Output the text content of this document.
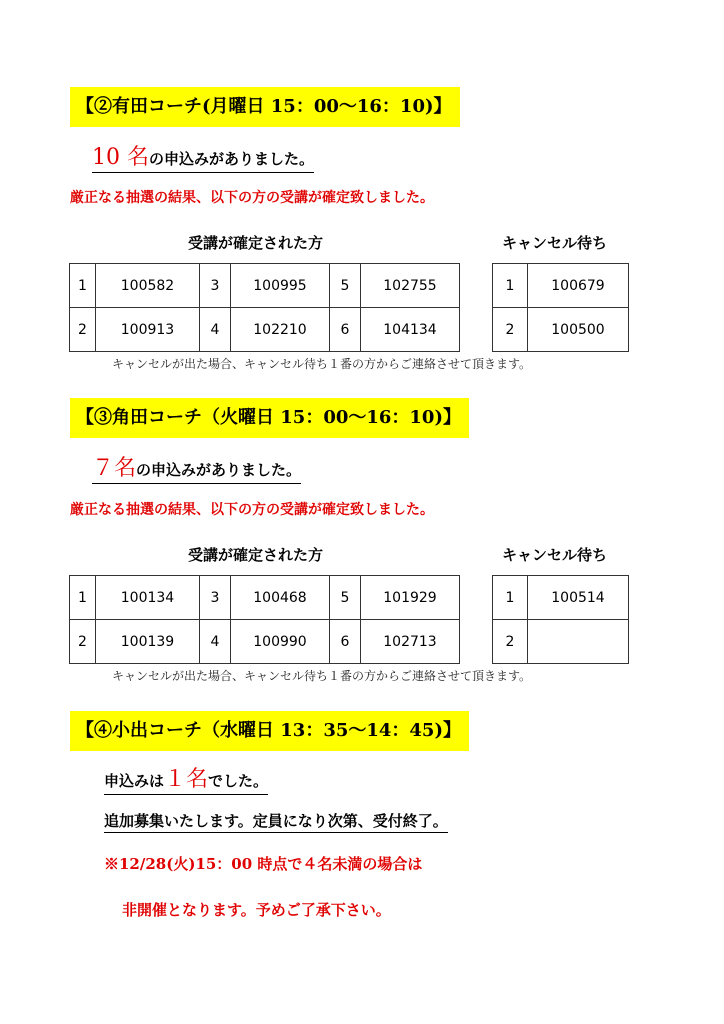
【②有田コーチ(月曜日 15：00〜16：10)】
10 名の申込みがありました。
厳正なる抽選の結果、以下の方の受講が確定致しました。
受講が確定された方	キャンセル待ち
1	100582	3	100995	5	102755
2	100913	4	102210	6	104134
1	100679
2	100500
キャンセルが出た場合、キャンセル待ち１番の方からご連絡させて頂きます。
【③角田コーチ（火曜日 15：00〜16：10)】
７名の申込みがありました。
厳正なる抽選の結果、以下の方の受講が確定致しました。
受講が確定された方	キャンセル待ち
1	100134	3	100468	5	101929
2	100139	4	100990	6	102713
1	100514
2	
キャンセルが出た場合、キャンセル待ち１番の方からご連絡させて頂きます。
【④小出コーチ（水曜日 13：35〜14：45)】
申込みは１名でした。
追加募集いたします。定員になり次第、受付終了。
※12/28(火)15：00 時点で４名未満の場合は
非開催となります。予めご了承下さい。
